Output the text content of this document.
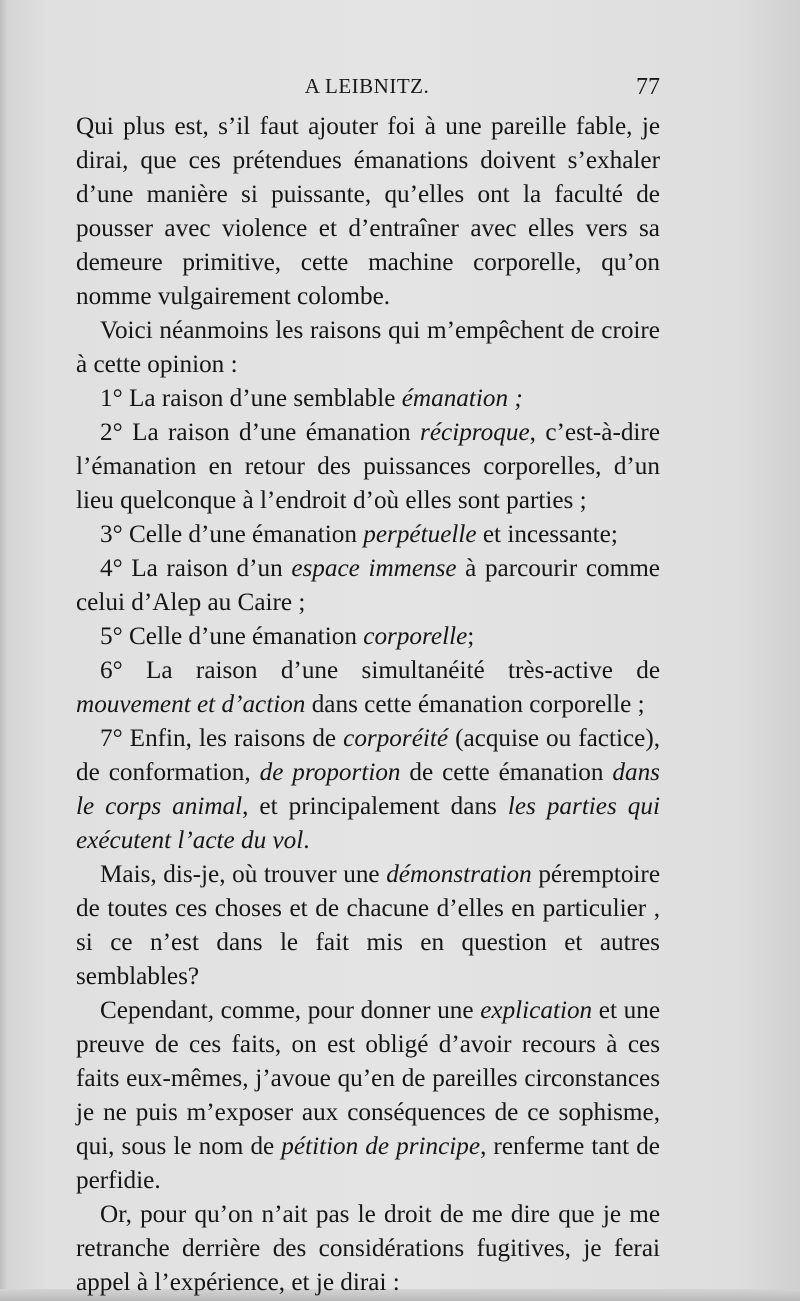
A LEIBNITZ.	77

Qui plus est, s’il faut ajouter foi à une pareille fable, je dirai, que ces prétendues émanations doivent s’exhaler d’une manière si puissante, qu’elles ont la faculté de pousser avec violence et d’entraîner avec elles vers sa demeure primitive, cette machine corporelle, qu’on nomme vulgairement colombe.

Voici néanmoins les raisons qui m’empêchent de croire à cette opinion :

1° La raison d’une semblable émanation ;

2° La raison d’une émanation réciproque, c’est-à-dire l’émanation en retour des puissances corporelles, d’un lieu quelconque à l’endroit d’où elles sont parties ;

3° Celle d’une émanation perpétuelle et incessante;

4° La raison d’un espace immense à parcourir comme celui d’Alep au Caire ;

5° Celle d’une émanation corporelle;

6° La raison d’une simultanéité très-active de mouvement et d’action dans cette émanation corporelle ;

7° Enfin, les raisons de corporéité (acquise ou factice), de conformation, de proportion de cette émanation dans le corps animal, et principalement dans les parties qui exécutent l’acte du vol.

Mais, dis-je, où trouver une démonstration péremptoire de toutes ces choses et de chacune d’elles en particulier , si ce n’est dans le fait mis en question et autres semblables?

Cependant, comme, pour donner une explication et une preuve de ces faits, on est obligé d’avoir recours à ces faits eux-mêmes, j’avoue qu’en de pareilles circonstances je ne puis m’exposer aux conséquences de ce sophisme, qui, sous le nom de pétition de principe, renferme tant de perfidie.

Or, pour qu’on n’ait pas le droit de me dire que je me retranche derrière des considérations fugitives, je ferai appel à l’expérience, et je dirai :
